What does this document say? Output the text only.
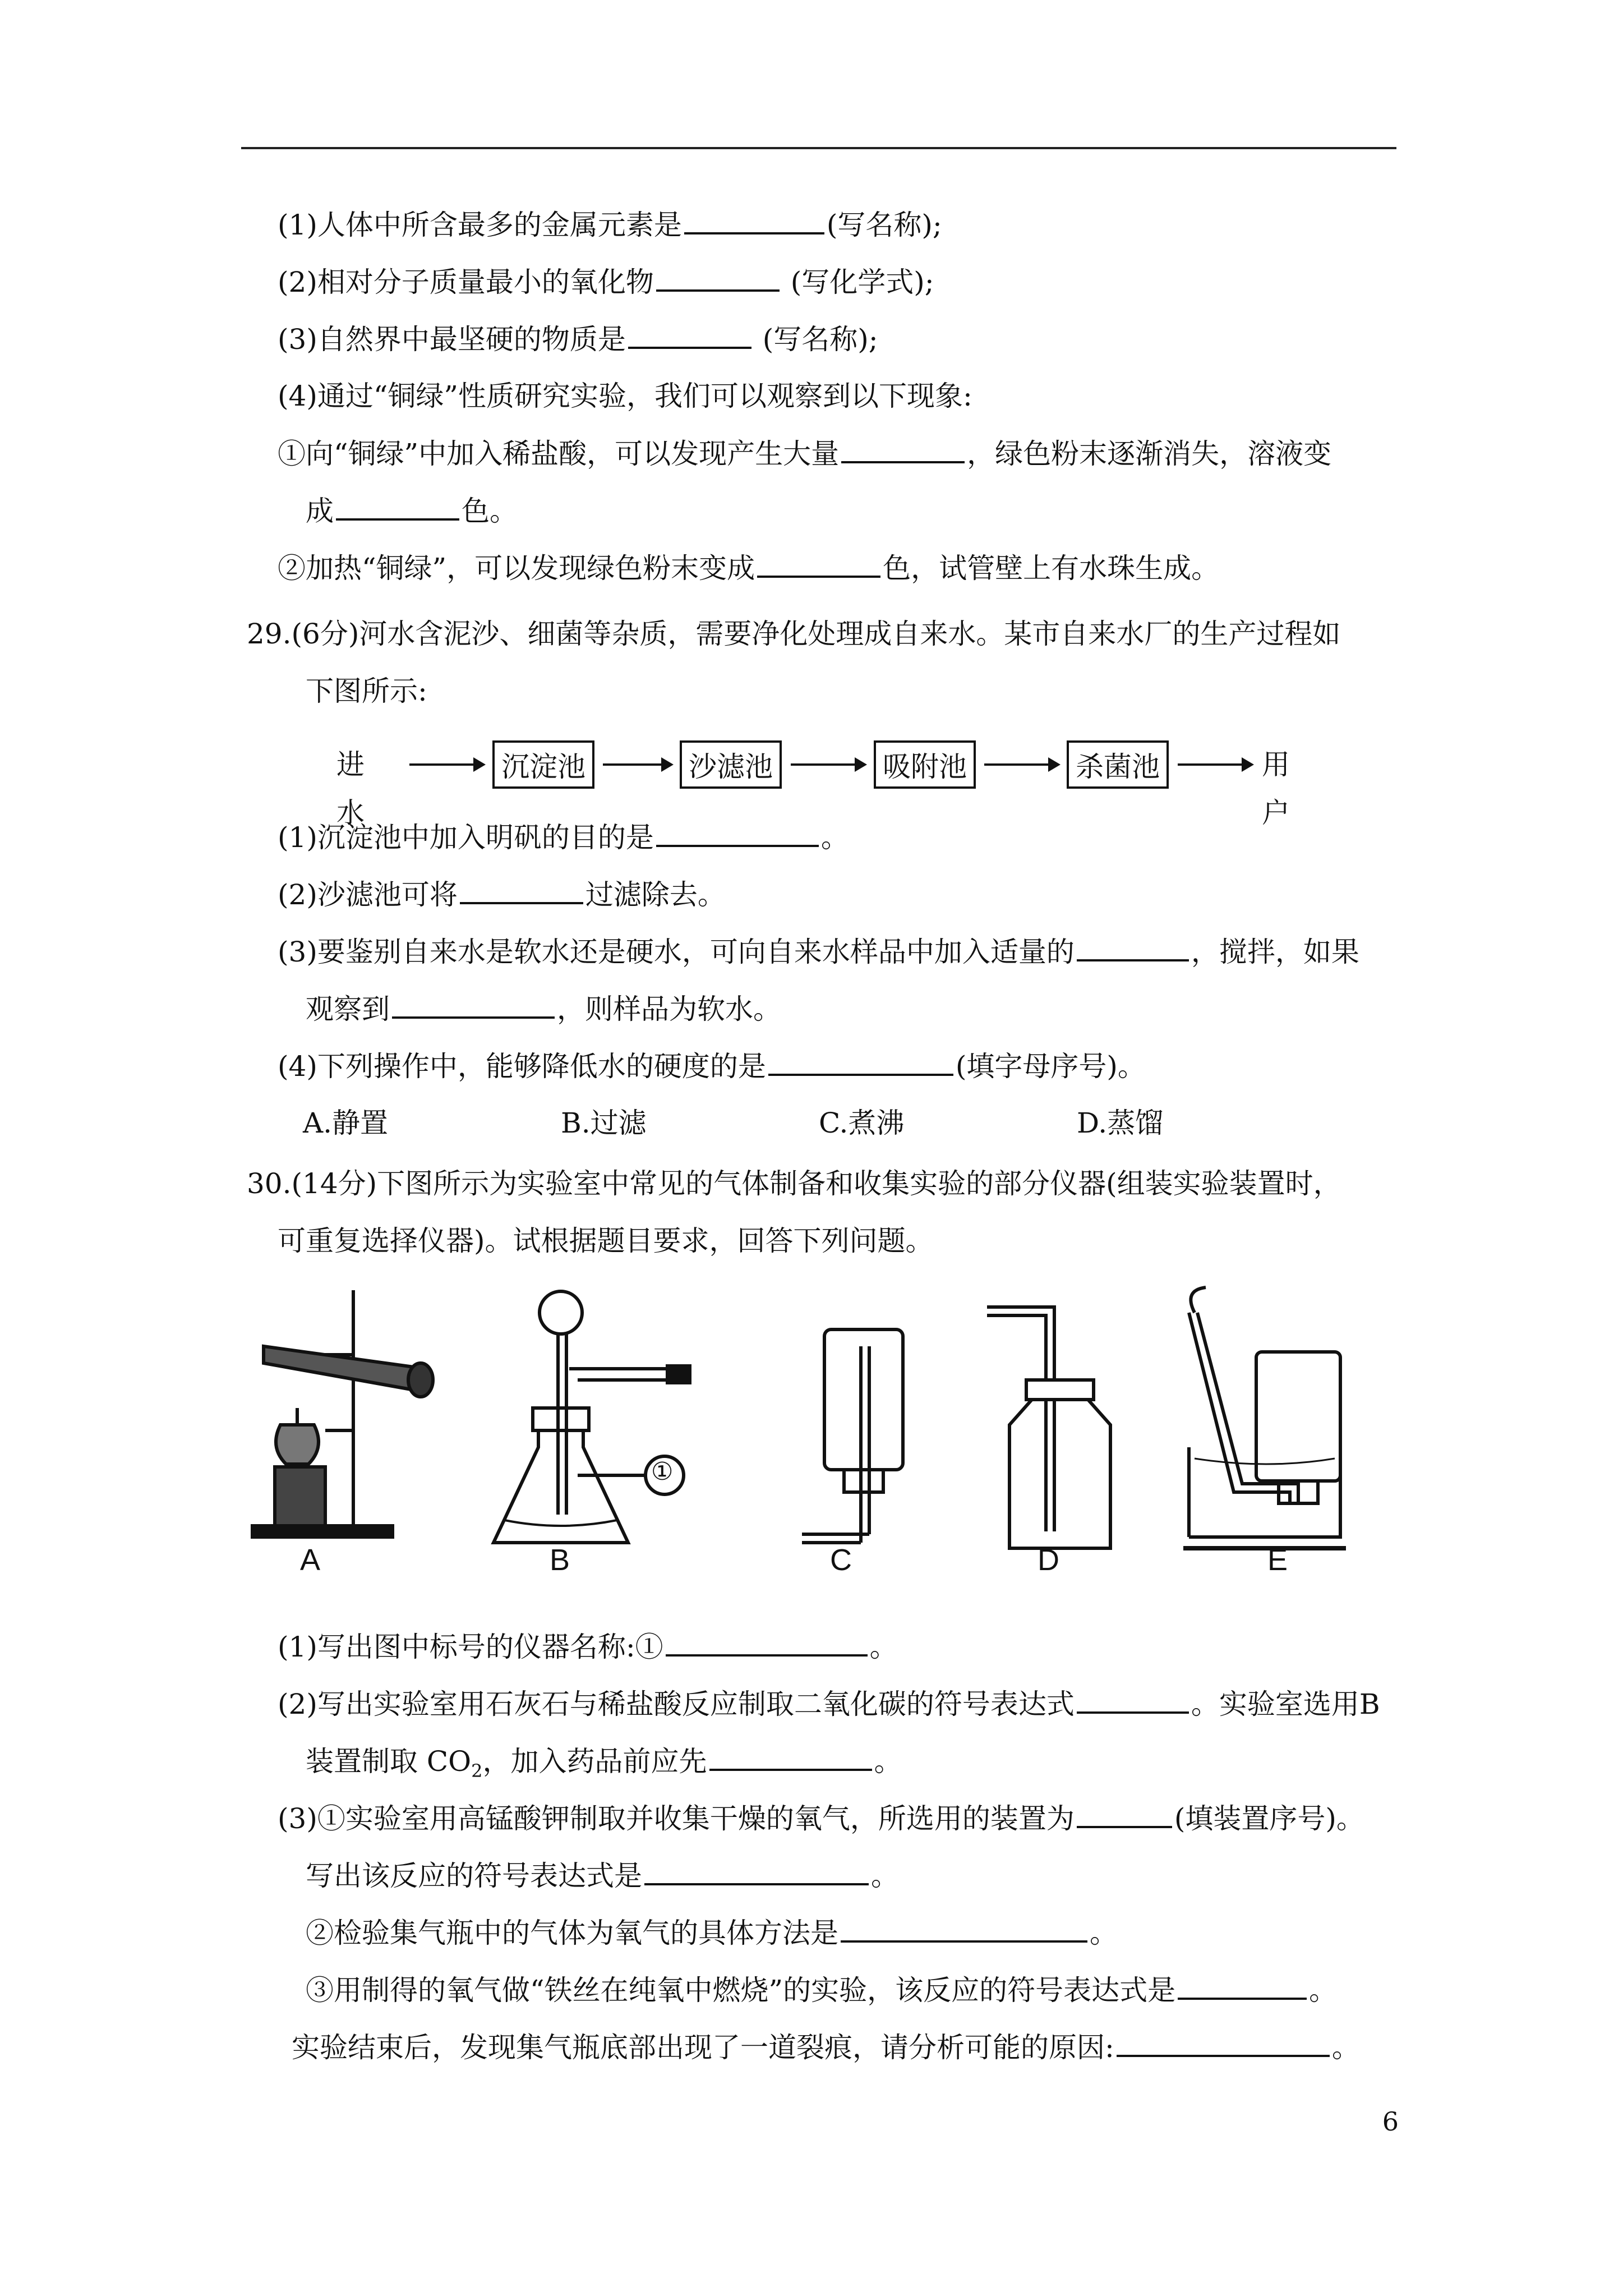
(1)人体中所含最多的金属元素是	(写名称);
(2)相对分子质量最小的氧化物	(写化学式);
(3)自然界中最坚硬的物质是	(写名称);
(4)通过“铜绿”性质研究实验，我们可以观察到以下现象:
①向“铜绿”中加入稀盐酸，可以发现产生大量	，绿色粉末逐渐消失，溶液变
成	色。
②加热“铜绿”，可以发现绿色粉末变成	色，试管壁上有水珠生成。
29.(6分)河水含泥沙、细菌等杂质，需要净化处理成自来水。某市自来水厂的生产过程如
下图所示:
进水
沉淀池	沙滤池	吸附池	杀菌池	用户
(1)沉淀池中加入明矾的目的是	。
(2)沙滤池可将	过滤除去。
(3)要鉴别自来水是软水还是硬水，可向自来水样品中加入适量的	，搅拌，如果
观察到	，则样品为软水。
(4)下列操作中，能够降低水的硬度的是	(填字母序号)。
A.静置	B.过滤	C.煮沸	D.蒸馏
30.(14分)下图所示为实验室中常见的气体制备和收集实验的部分仪器(组装实验装置时，
可重复选择仪器)。试根据题目要求，回答下列问题。
A	B	C	D	E
①
(1)写出图中标号的仪器名称:①	。
(2)写出实验室用石灰石与稀盐酸反应制取二氧化碳的符号表达式	。实验室选用B
装置制取 $CO_2$，加入药品前应先	。
(3)①实验室用高锰酸钾制取并收集干燥的氧气，所选用的装置为	(填装置序号)。
写出该反应的符号表达式是	。
②检验集气瓶中的气体为氧气的具体方法是	。
③用制得的氧气做“铁丝在纯氧中燃烧”的实验，该反应的符号表达式是	。
实验结束后，发现集气瓶底部出现了一道裂痕，请分析可能的原因:	。
6
